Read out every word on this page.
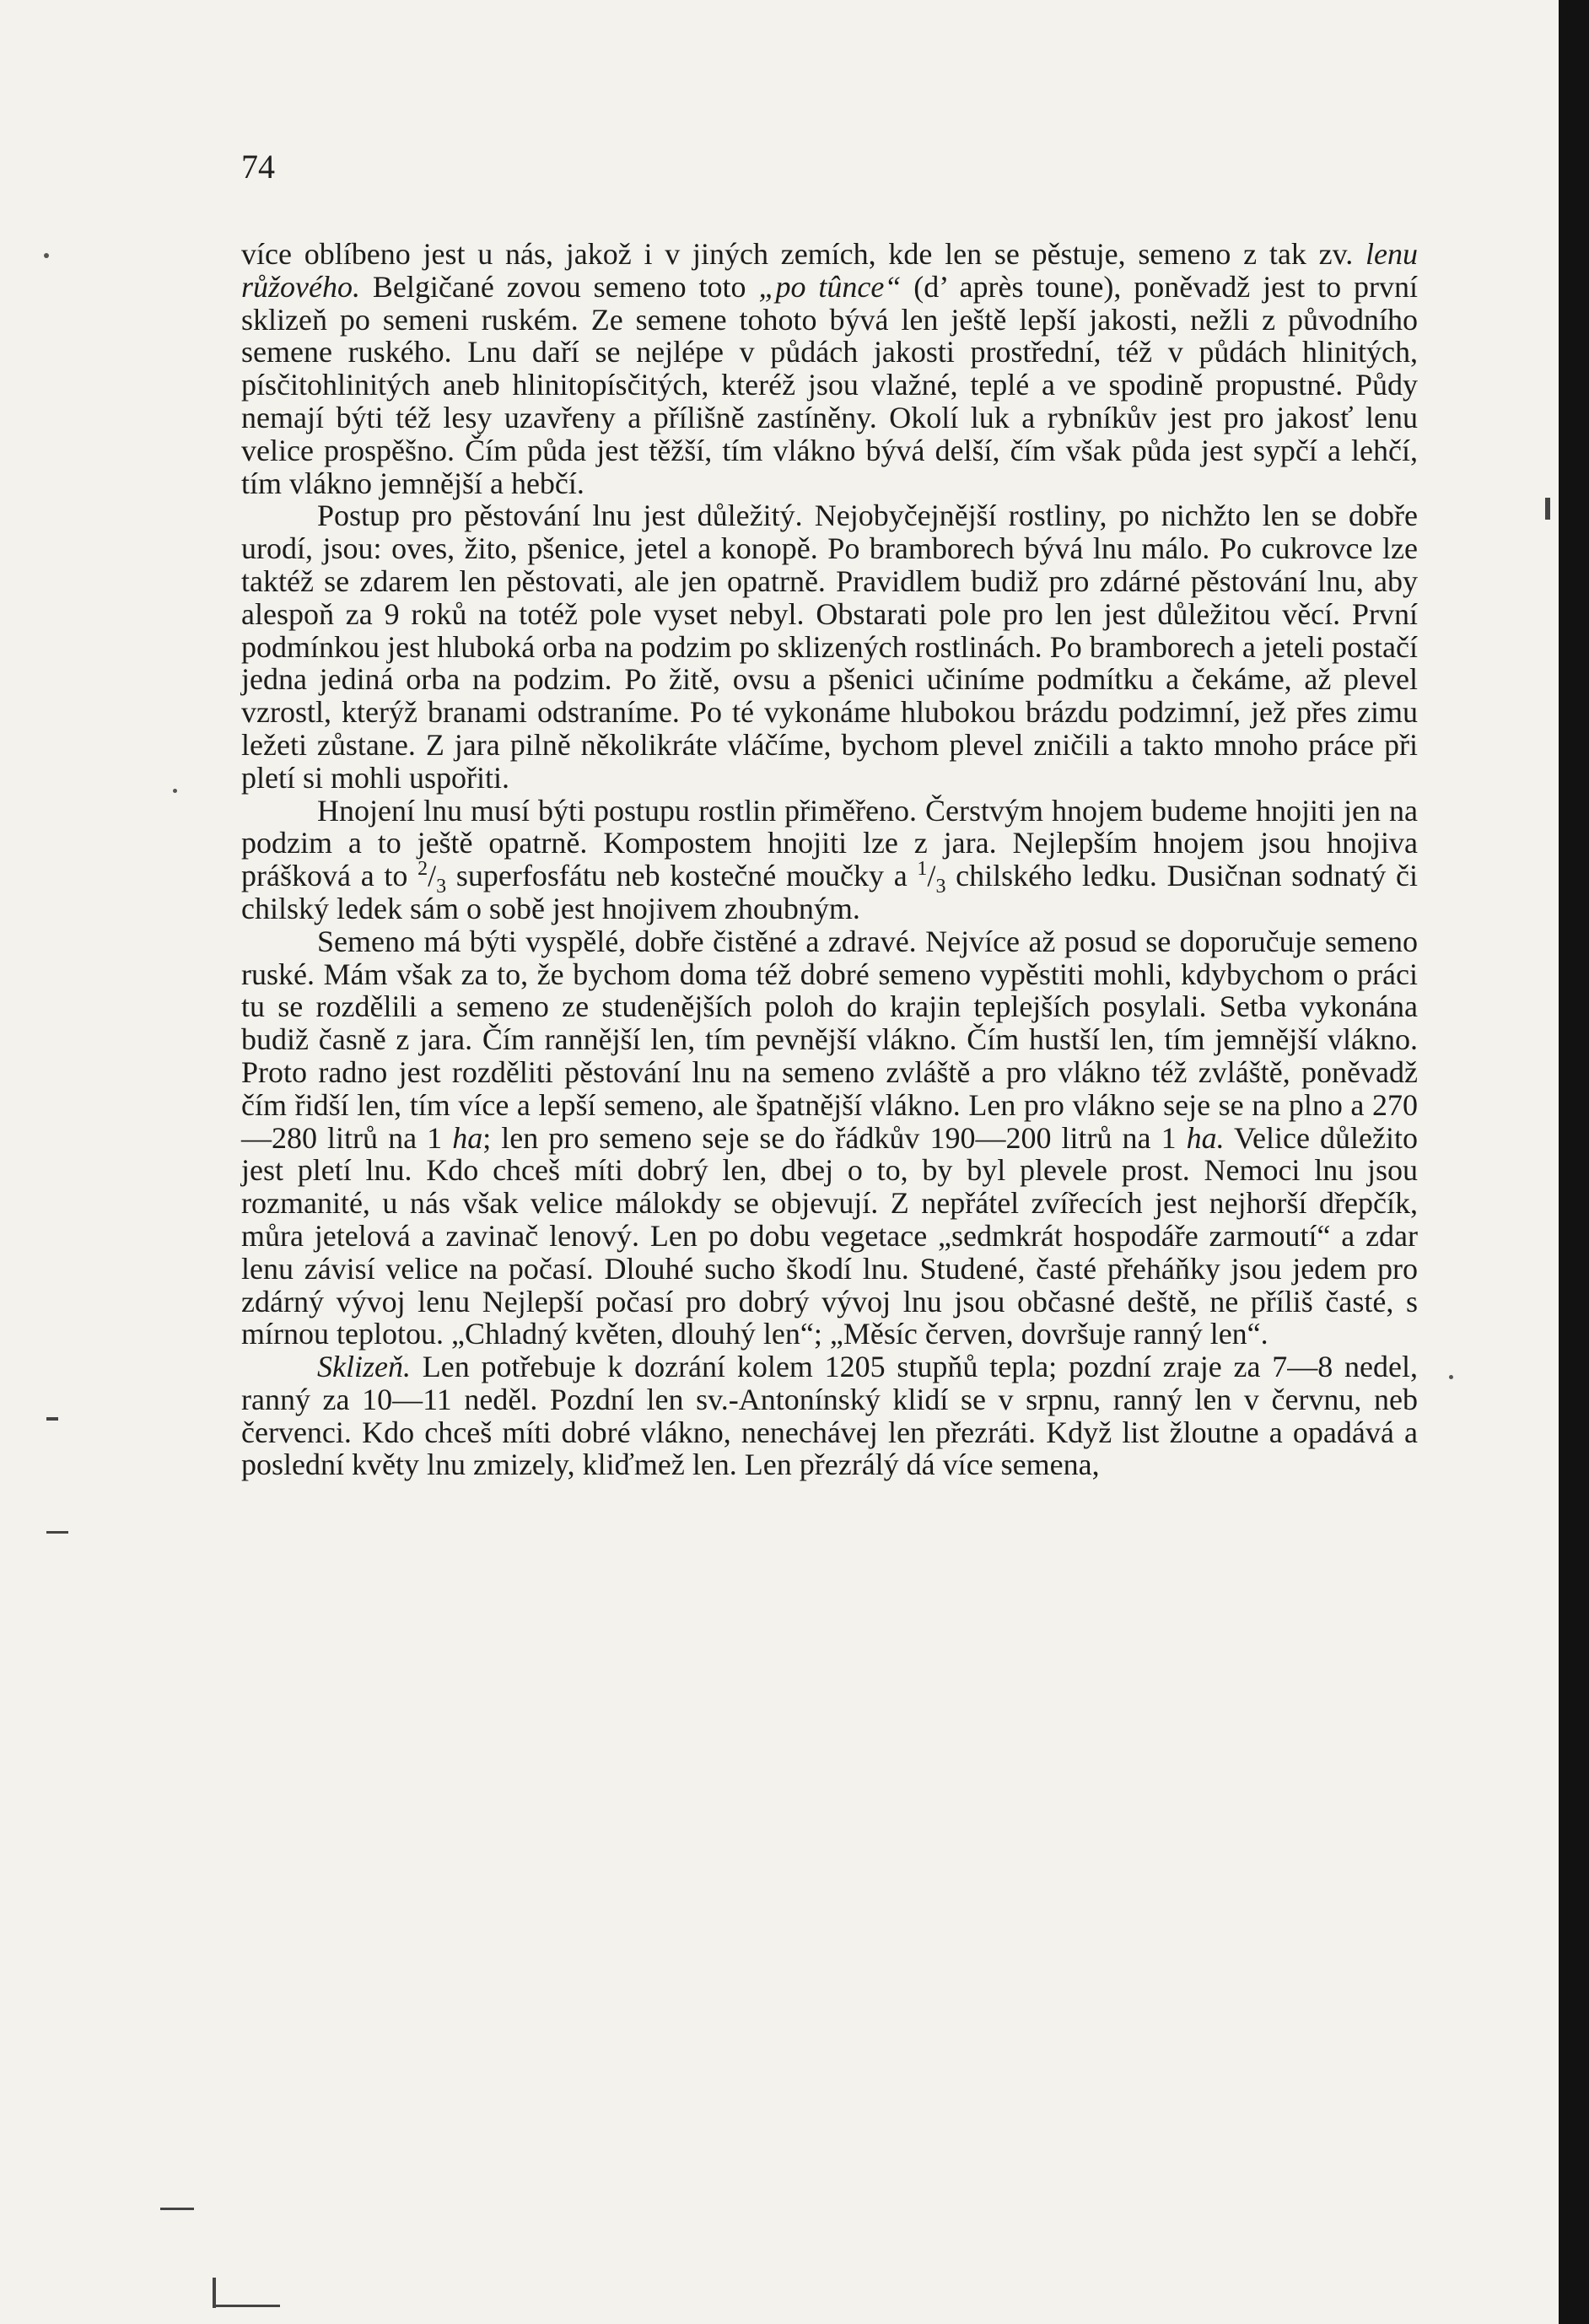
74

více oblíbeno jest u nás, jakož i v jiných zemích, kde len se pěstuje, semeno z tak zv. lenu růžového. Belgičané zovou semeno toto „po tûnce“ (d’ après toune), poněvadž jest to první sklizeň po semeni ruském. Ze semene tohoto bývá len ještě lepší jakosti, nežli z původního semene ruského. Lnu daří se nejlépe v půdách jakosti prostřední, též v půdách hlinitých, písčitohlinitých aneb hlinitopísčitých, kteréž jsou vlažné, teplé a ve spodině propustné. Půdy nemají býti též lesy uzavřeny a přílišně zastíněny. Okolí luk a rybníkův jest pro jakosť lenu velice prospěšno. Čím půda jest těžší, tím vlákno bývá delší, čím však půda jest sypčí a lehčí, tím vlákno jemnější a hebčí.

Postup pro pěstování lnu jest důležitý. Nejobyčejnější rostliny, po nichžto len se dobře urodí, jsou: oves, žito, pšenice, jetel a konopě. Po bramborech bývá lnu málo. Po cukrovce lze taktéž se zdarem len pěstovati, ale jen opatrně. Pravidlem budiž pro zdárné pěstování lnu, aby alespoň za 9 roků na totéž pole vyset nebyl. Obstarati pole pro len jest důležitou věcí. První podmínkou jest hluboká orba na podzim po sklizených rostlinách. Po bramborech a jeteli postačí jedna jediná orba na podzim. Po žitě, ovsu a pšenici učiníme podmítku a čekáme, až plevel vzrostl, kterýž branami odstraníme. Po té vykonáme hlubokou brázdu podzimní, jež přes zimu ležeti zůstane. Z jara pilně několikráte vláčíme, bychom plevel zničili a takto mnoho práce při pletí si mohli uspořiti.

Hnojení lnu musí býti postupu rostlin přiměřeno. Čerstvým hnojem budeme hnojiti jen na podzim a to ještě opatrně. Kompostem hnojiti lze z jara. Nejlepším hnojem jsou hnojiva prášková a to $^2/_3$ superfosfátu neb kostečné moučky a $^1/_3$ chilského ledku. Dusičnan sodnatý či chilský ledek sám o sobě jest hnojivem zhoubným.

Semeno má býti vyspělé, dobře čistěné a zdravé. Nejvíce až posud se doporučuje semeno ruské. Mám však za to, že bychom doma též dobré semeno vypěstiti mohli, kdybychom o práci tu se rozdělili a semeno ze studenějších poloh do krajin teplejších posylali. Setba vykonána budiž časně z jara. Čím rannější len, tím pevnější vlákno. Čím hustší len, tím jemnější vlákno. Proto radno jest rozděliti pěstování lnu na semeno zvláště a pro vlákno též zvláště, poněvadž čím řidší len, tím více a lepší semeno, ale špatnější vlákno. Len pro vlákno seje se na plno a 270—280 litrů na 1 ha; len pro semeno seje se do řádkův 190—200 litrů na 1 ha. Velice důležito jest pletí lnu. Kdo chceš míti dobrý len, dbej o to, by byl plevele prost. Nemoci lnu jsou rozmanité, u nás však velice málokdy se objevují. Z nepřátel zvířecích jest nejhorší dřepčík, můra jetelová a zavinač lenový. Len po dobu vegetace „sedmkrát hospodáře zarmoutí“ a zdar lenu závisí velice na počasí. Dlouhé sucho škodí lnu. Studené, časté přeháňky jsou jedem pro zdárný vývoj lenu Nejlepší počasí pro dobrý vývoj lnu jsou občasné deště, ne příliš časté, s mírnou teplotou. „Chladný květen, dlouhý len“; „Měsíc červen, dovršuje ranný len“.

Sklizeň. Len potřebuje k dozrání kolem 1205 stupňů tepla; pozdní zraje za 7—8 nedel, ranný za 10—11 neděl. Pozdní len sv.-Antonínský klidí se v srpnu, ranný len v červnu, neb červenci. Kdo chceš míti dobré vlákno, nenechávej len přezráti. Když list žloutne a opadává a poslední květy lnu zmizely, kliďmež len. Len přezrálý dá více semena,
